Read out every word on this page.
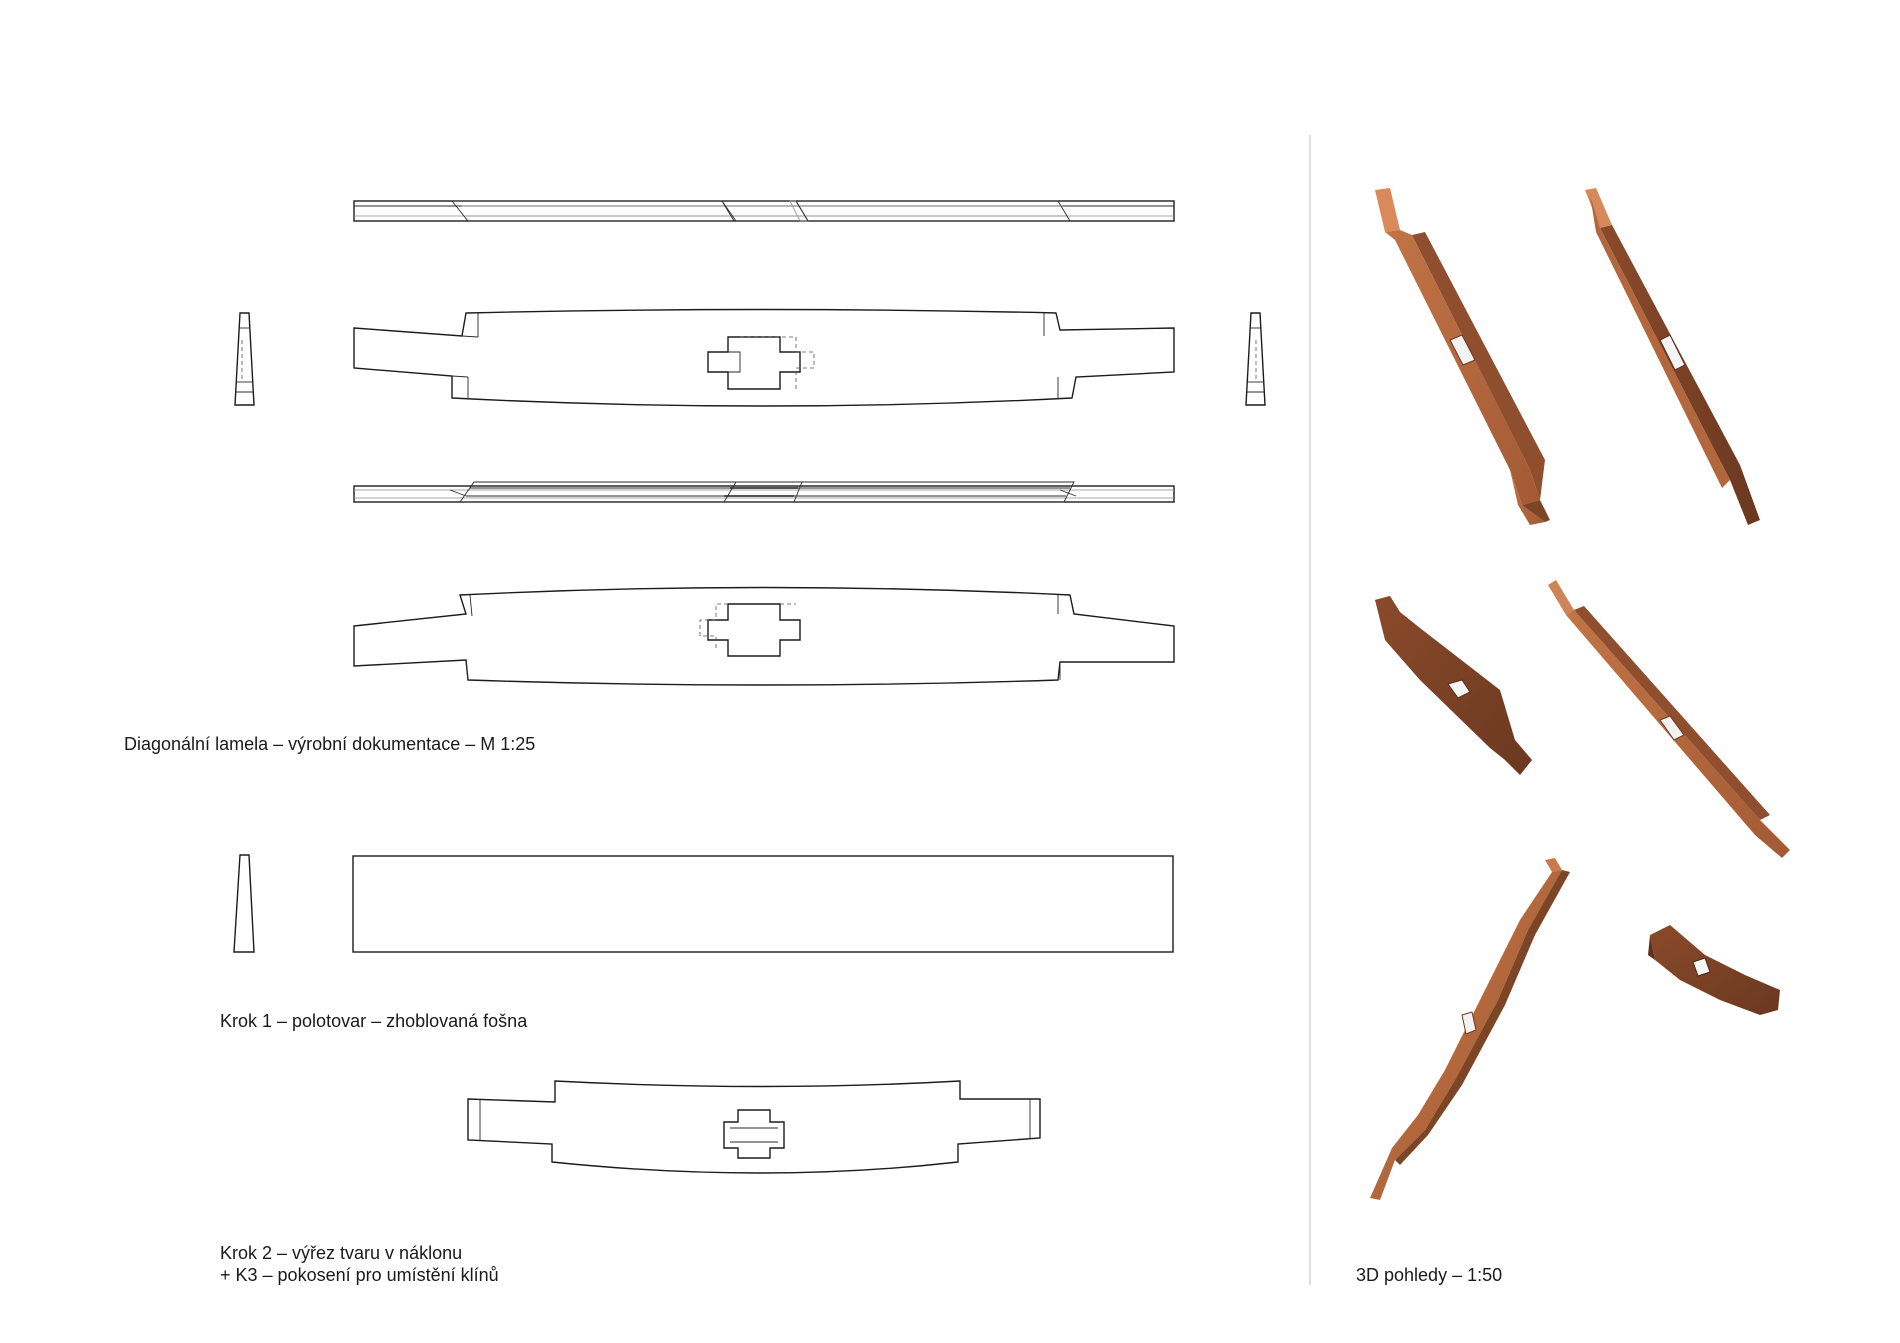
Diagonální lamela – výrobní dokumentace – M 1:25
Krok 1 – polotovar – zhoblovaná fošna
Krok 2 – výřez tvaru v náklonu
+ K3 – pokosení pro umístění klínů	3D pohledy – 1:50
